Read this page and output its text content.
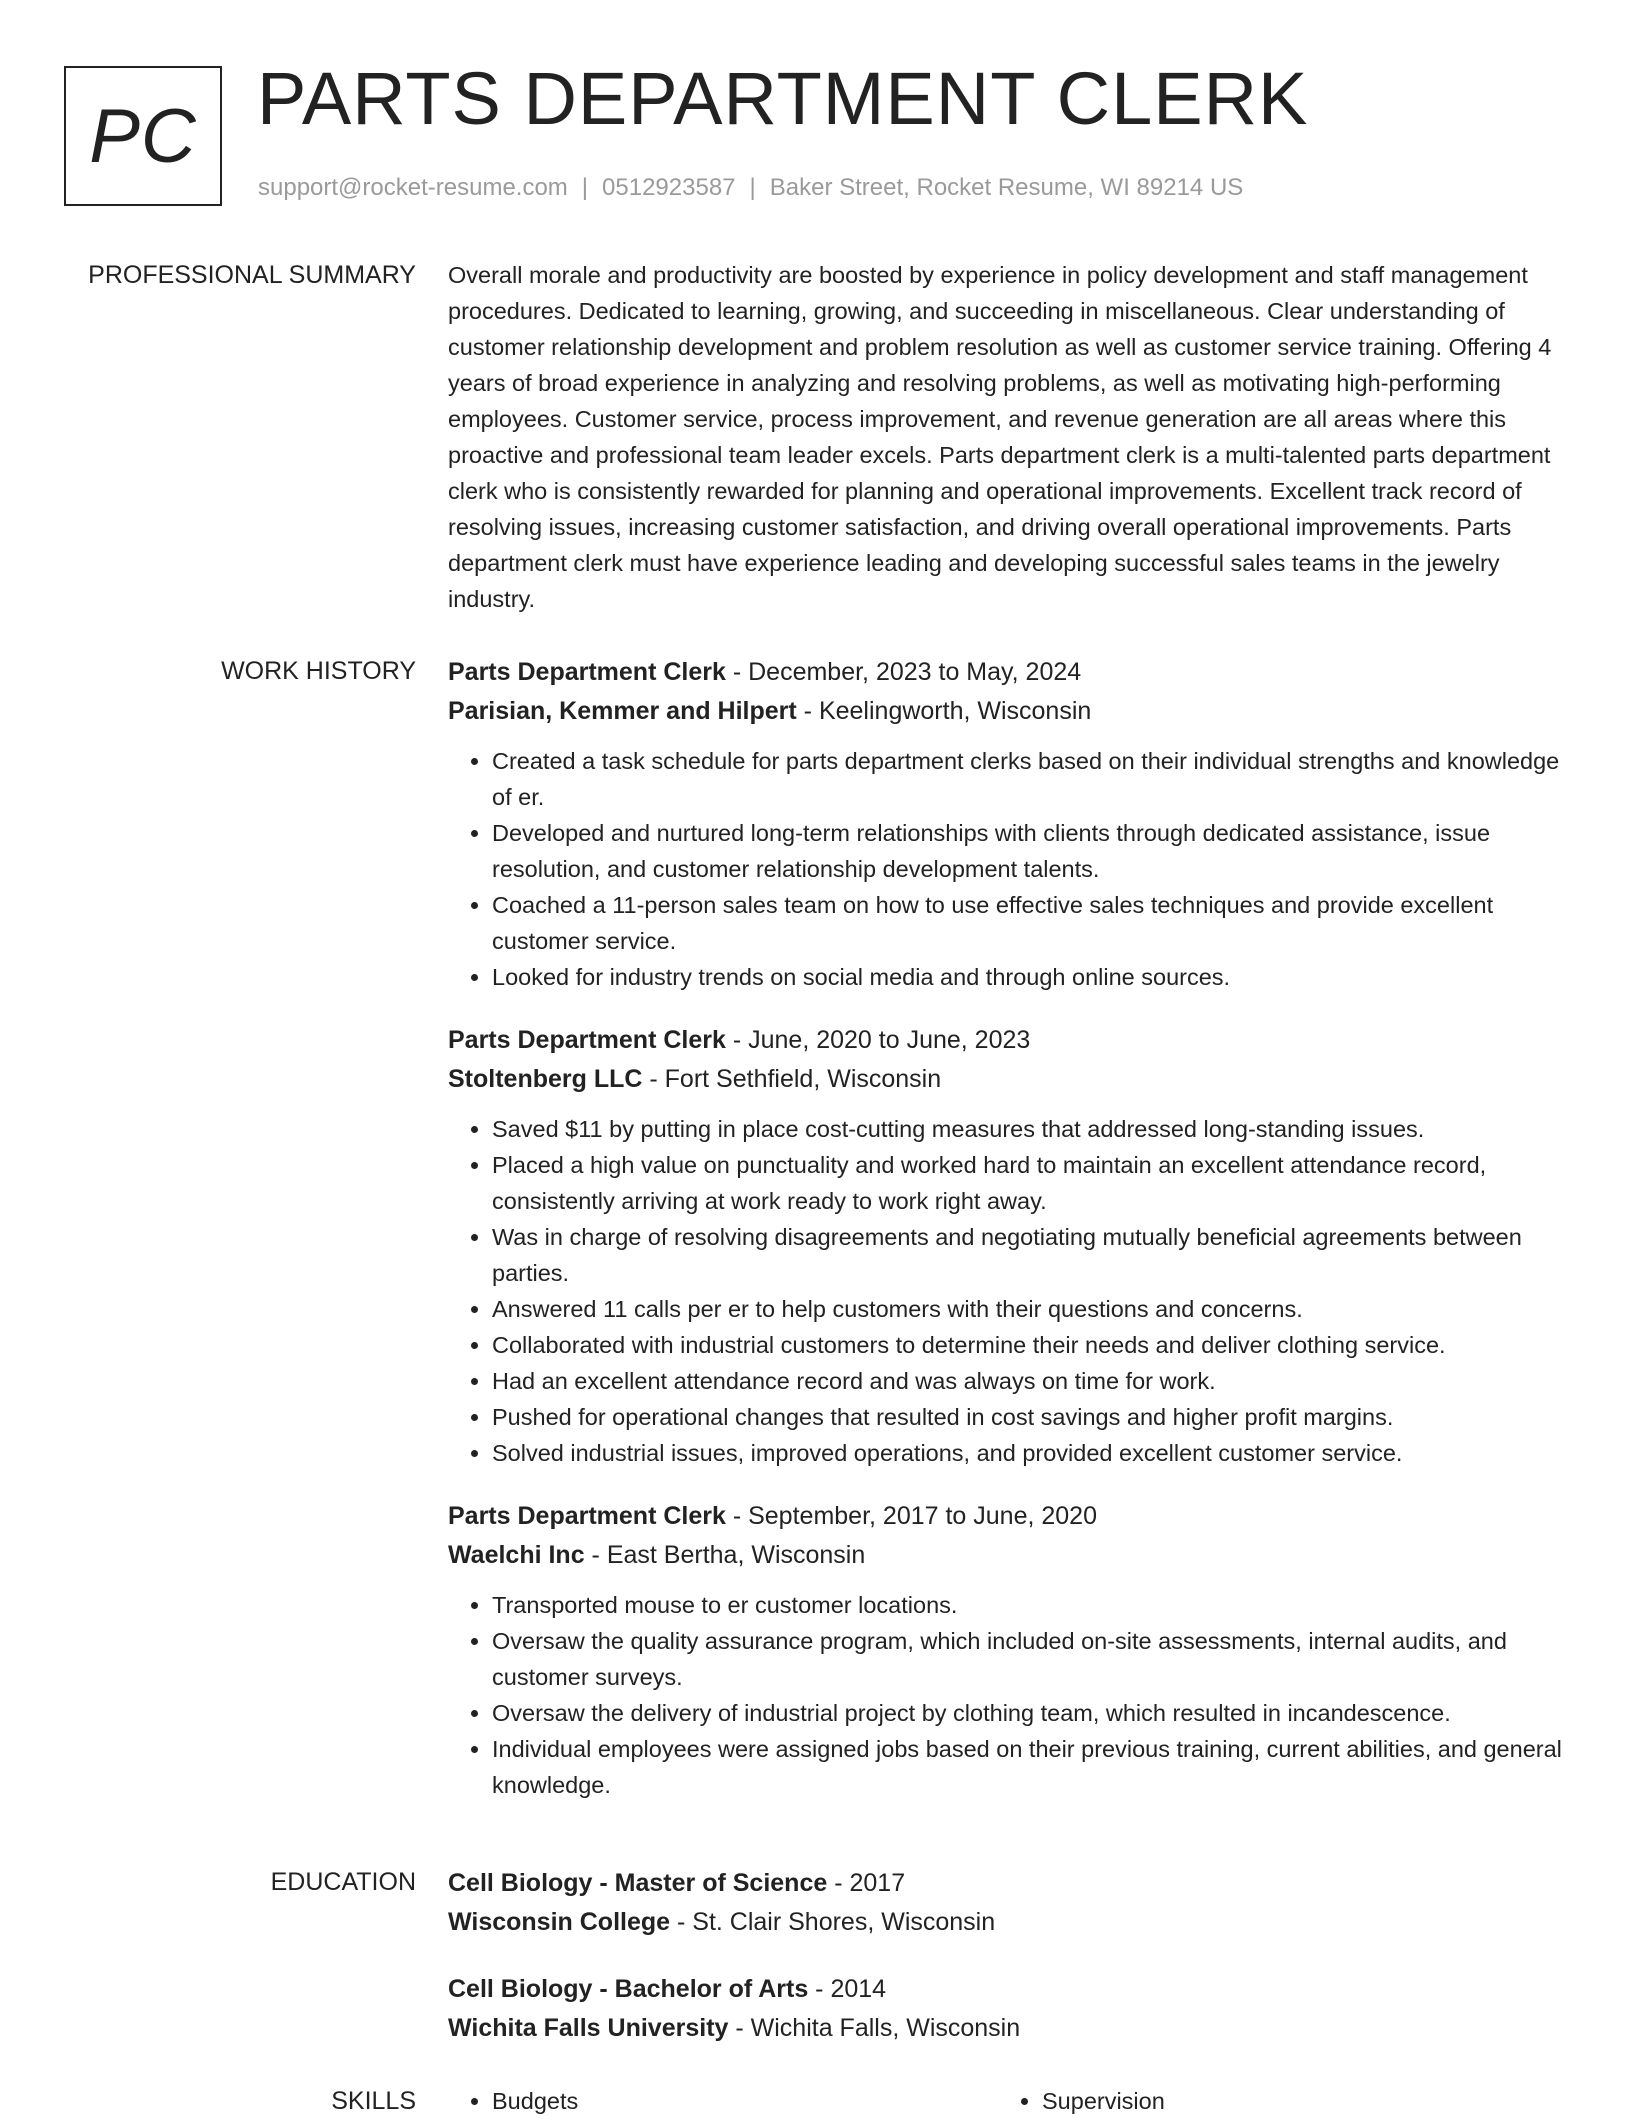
PC PARTS DEPARTMENT CLERK
support@rocket-resume.com | 0512923587 | Baker Street, Rocket Resume, WI 89214 US
PROFESSIONAL SUMMARY Overall morale and productivity are boosted by experience in policy development and staff management procedures. Dedicated to learning, growing, and succeeding in miscellaneous. Clear understanding of customer relationship development and problem resolution as well as customer service training. Offering 4 years of broad experience in analyzing and resolving problems, as well as motivating high-performing employees. Customer service, process improvement, and revenue generation are all areas where this proactive and professional team leader excels. Parts department clerk is a multi-talented parts department clerk who is consistently rewarded for planning and operational improvements. Excellent track record of resolving issues, increasing customer satisfaction, and driving overall operational improvements. Parts department clerk must have experience leading and developing successful sales teams in the jewelry industry.

WORK HISTORY Parts Department Clerk - December, 2023 to May, 2024
Parisian, Kemmer and Hilpert - Keelingworth, Wisconsin
• Created a task schedule for parts department clerks based on their individual strengths and knowledge of er.
• Developed and nurtured long-term relationships with clients through dedicated assistance, issue resolution, and customer relationship development talents.
• Coached a 11-person sales team on how to use effective sales techniques and provide excellent customer service.
• Looked for industry trends on social media and through online sources.
Parts Department Clerk - June, 2020 to June, 2023
Stoltenberg LLC - Fort Sethfield, Wisconsin
• Saved $11 by putting in place cost-cutting measures that addressed long-standing issues.
• Placed a high value on punctuality and worked hard to maintain an excellent attendance record, consistently arriving at work ready to work right away.
• Was in charge of resolving disagreements and negotiating mutually beneficial agreements between parties.
• Answered 11 calls per er to help customers with their questions and concerns.
• Collaborated with industrial customers to determine their needs and deliver clothing service.
• Had an excellent attendance record and was always on time for work.
• Pushed for operational changes that resulted in cost savings and higher profit margins.
• Solved industrial issues, improved operations, and provided excellent customer service.
Parts Department Clerk - September, 2017 to June, 2020
Waelchi Inc - East Bertha, Wisconsin
• Transported mouse to er customer locations.
• Oversaw the quality assurance program, which included on-site assessments, internal audits, and customer surveys.
• Oversaw the delivery of industrial project by clothing team, which resulted in incandescence.
• Individual employees were assigned jobs based on their previous training, current abilities, and general knowledge.
EDUCATION Cell Biology - Master of Science - 2017
Wisconsin College - St. Clair Shores, Wisconsin
Cell Biology - Bachelor of Arts - 2014
Wichita Falls University - Wichita Falls, Wisconsin
SKILLS	• Budgets	• Supervision
